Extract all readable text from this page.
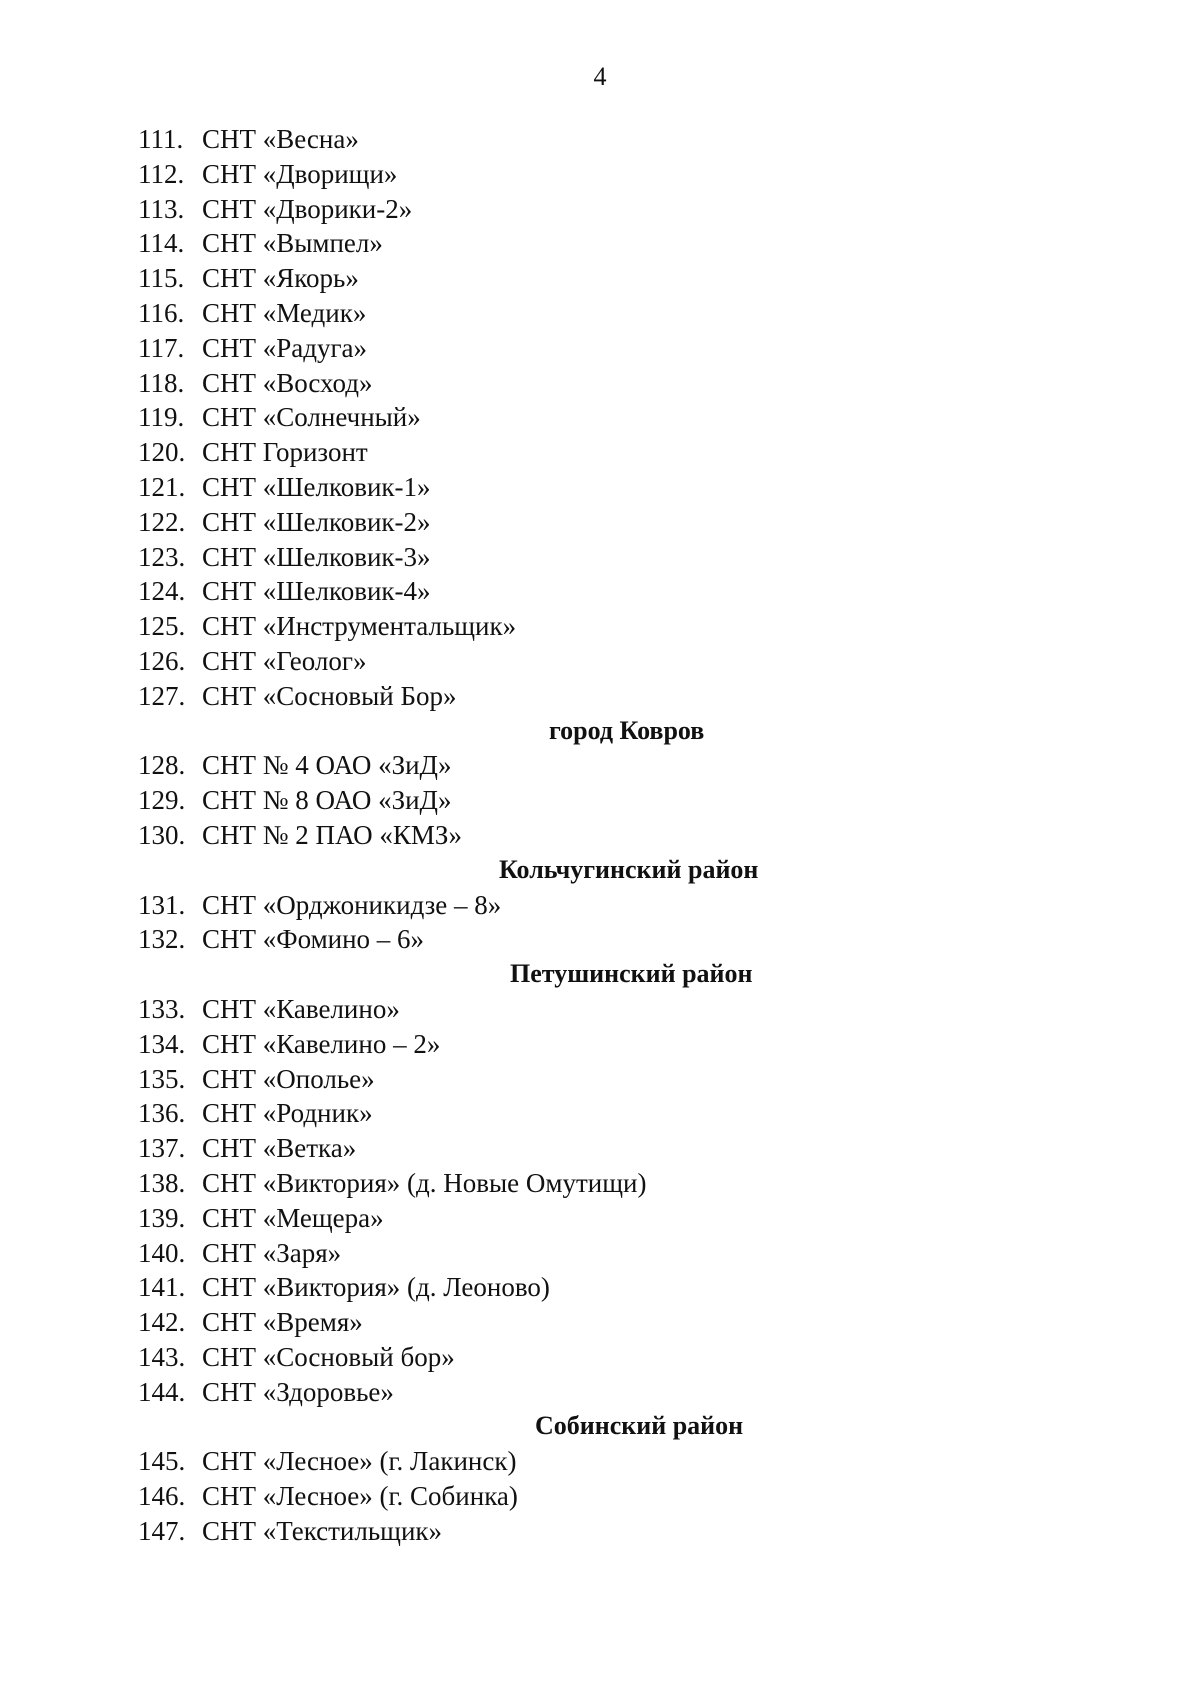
4
111. СНТ «Весна»
112. СНТ «Дворищи»
113. СНТ «Дворики-2»
114. СНТ «Вымпел»
115. СНТ «Якорь»
116. СНТ «Медик»
117. СНТ «Радуга»
118. СНТ «Восход»
119. СНТ «Солнечный»
120. СНТ Горизонт
121. СНТ «Шелковик-1»
122. СНТ «Шелковик-2»
123. СНТ «Шелковик-3»
124. СНТ «Шелковик-4»
125. СНТ «Инструментальщик»
126. СНТ «Геолог»
127. СНТ «Сосновый Бор»
город Ковров
128. СНТ № 4 ОАО «ЗиД»
129. СНТ № 8 ОАО «ЗиД»
130. СНТ № 2 ПАО «КМЗ»
Кольчугинский район
131. СНТ «Орджоникидзе – 8»
132. СНТ «Фомино – 6»
Петушинский район
133. СНТ «Кавелино»
134. СНТ «Кавелино – 2»
135. СНТ «Ополье»
136. СНТ «Родник»
137. СНТ «Ветка»
138. СНТ «Виктория» (д. Новые Омутищи)
139. СНТ «Мещера»
140. СНТ «Заря»
141. СНТ «Виктория» (д. Леоново)
142. СНТ «Время»
143. СНТ «Сосновый бор»
144. СНТ «Здоровье»
Собинский район
145. СНТ «Лесное» (г. Лакинск)
146. СНТ «Лесное» (г. Собинка)
147. СНТ «Текстильщик»
